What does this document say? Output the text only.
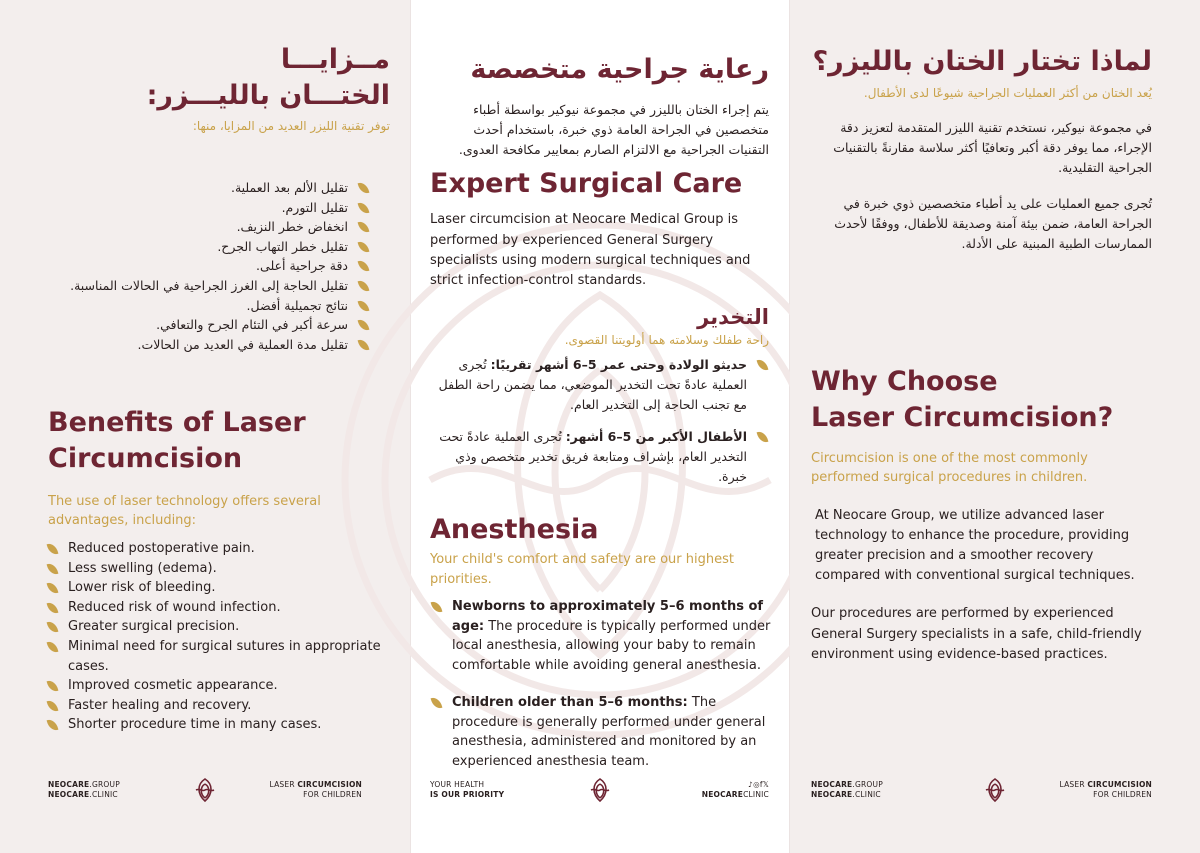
مــزايـــا
الختـــان بالليـــزر:
توفر تقنية الليزر العديد من المزايا، منها:
تقليل الألم بعد العملية.
تقليل التورم.
انخفاض خطر النزيف.
تقليل خطر التهاب الجرح.
دقة جراحية أعلى.
تقليل الحاجة إلى الغرز الجراحية في الحالات المناسبة.
نتائج تجميلية أفضل.
سرعة أكبر في التئام الجرح والتعافي.
تقليل مدة العملية في العديد من الحالات.
Benefits of Laser
Circumcision
The use of laser technology offers several advantages, including:
Reduced postoperative pain.
Less swelling (edema).
Lower risk of bleeding.
Reduced risk of wound infection.
Greater surgical precision.
Minimal need for surgical sutures in appropriate cases.
Improved cosmetic appearance.
Faster healing and recovery.
Shorter procedure time in many cases.
NEOCARE.GROUP
NEOCARE.CLINIC
LASER CIRCUMCISION
FOR CHILDREN
رعاية جراحية متخصصة
يتم إجراء الختان بالليزر في مجموعة نيوكير بواسطة أطباء متخصصين في الجراحة العامة ذوي خبرة، باستخدام أحدث التقنيات الجراحية مع الالتزام الصارم بمعايير مكافحة العدوى.
Expert Surgical Care
Laser circumcision at Neocare Medical Group is performed by experienced General Surgery specialists using modern surgical techniques and strict infection-control standards.
التخدير
راحة طفلك وسلامته هما أولويتنا القصوى.
حديثو الولادة وحتى عمر 5–6 أشهر تقريبًا: تُجرى العملية عادةً تحت التخدير الموضعي، مما يضمن راحة الطفل مع تجنب الحاجة إلى التخدير العام.
الأطفال الأكبر من 5–6 أشهر: تُجرى العملية عادةً تحت التخدير العام، بإشراف ومتابعة فريق تخدير متخصص وذي خبرة.
Anesthesia
Your child's comfort and safety are our highest priorities.
Newborns to approximately 5–6 months of age: The procedure is typically performed under local anesthesia, allowing your baby to remain comfortable while avoiding general anesthesia.
Children older than 5–6 months: The procedure is generally performed under general anesthesia, administered and monitored by an experienced anesthesia team.
YOUR HEALTH
IS OUR PRIORITY
♪◎f𝕏
NEOCARECLINIC
لماذا تختار الختان بالليزر؟
يُعد الختان من أكثر العمليات الجراحية شيوعًا لدى الأطفال.
في مجموعة نيوكير، نستخدم تقنية الليزر المتقدمة لتعزيز دقة الإجراء، مما يوفر دقة أكبر وتعافيًا أكثر سلاسة مقارنةً بالتقنيات الجراحية التقليدية.
تُجرى جميع العمليات على يد أطباء متخصصين ذوي خبرة في الجراحة العامة، ضمن بيئة آمنة وصديقة للأطفال، ووفقًا لأحدث الممارسات الطبية المبنية على الأدلة.
Why Choose
Laser Circumcision?
Circumcision is one of the most commonly performed surgical procedures in children.
At Neocare Group, we utilize advanced laser technology to enhance the procedure, providing greater precision and a smoother recovery compared with conventional surgical techniques.
Our procedures are performed by experienced General Surgery specialists in a safe, child-friendly environment using evidence-based practices.
NEOCARE.GROUP
NEOCARE.CLINIC
LASER CIRCUMCISION
FOR CHILDREN
